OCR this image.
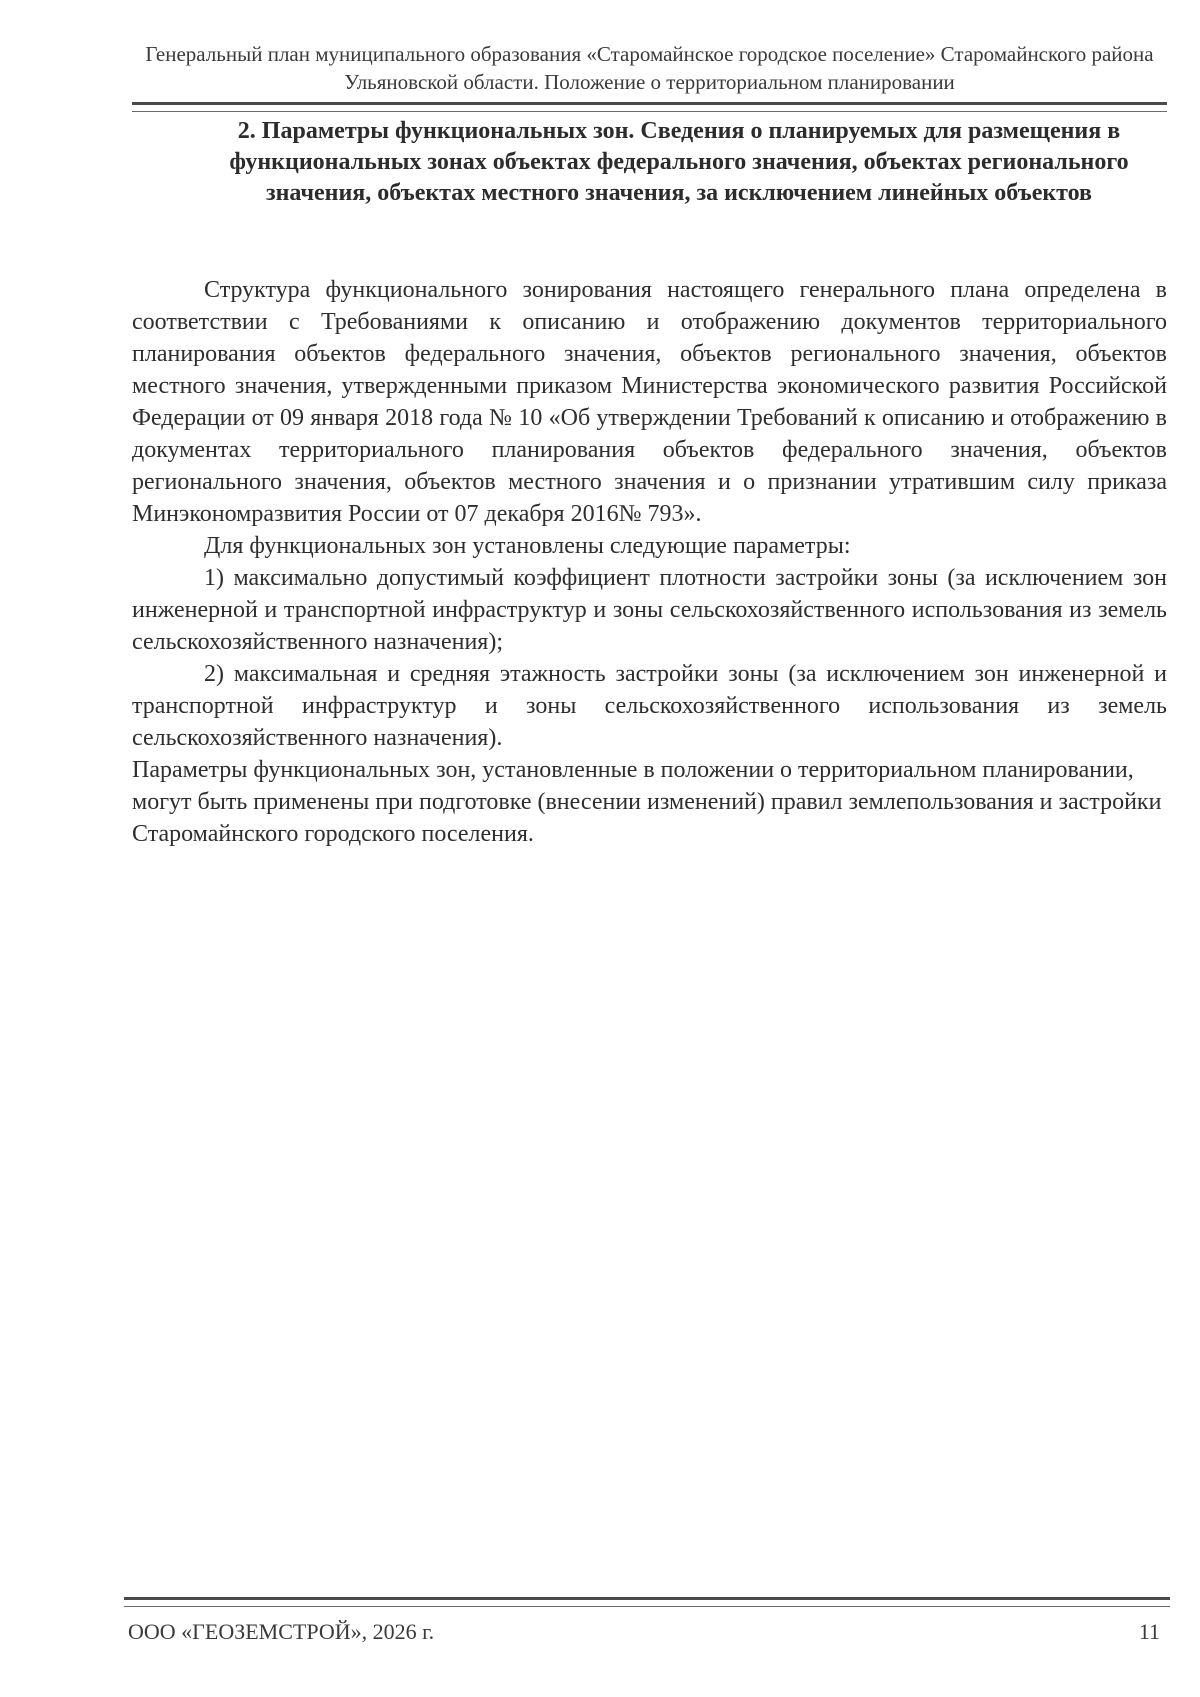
Генеральный план муниципального образования «Старомайнское городское поселение» Старомайнского района Ульяновской области. Положение о территориальном планировании
2. Параметры функциональных зон. Сведения о планируемых для размещения в функциональных зонах объектах федерального значения, объектах регионального значения, объектах местного значения, за исключением линейных объектов

Структура функционального зонирования настоящего генерального плана определена в соответствии с Требованиями к описанию и отображению документов территориального планирования объектов федерального значения, объектов регионального значения, объектов местного значения, утвержденными приказом Министерства экономического развития Российской Федерации от 09 января 2018 года № 10 «Об утверждении Требований к описанию и отображению в документах территориального планирования объектов федерального значения, объектов регионального значения, объектов местного значения и о признании утратившим силу приказа Минэкономразвития России от 07 декабря 2016№ 793».

Для функциональных зон установлены следующие параметры:

1) максимально допустимый коэффициент плотности застройки зоны (за исключением зон инженерной и транспортной инфраструктур и зоны сельскохозяйственного использования из земель сельскохозяйственного назначения);

2) максимальная и средняя этажность застройки зоны (за исключением зон инженерной и транспортной инфраструктур и зоны сельскохозяйственного использования из земель сельскохозяйственного назначения).

Параметры функциональных зон, установленные в положении о территориальном планировании, могут быть применены при подготовке (внесении изменений) правил землепользования и застройки Старомайнского городского поселения.

ООО «ГЕОЗЕМСТРОЙ», 2026 г.	11
